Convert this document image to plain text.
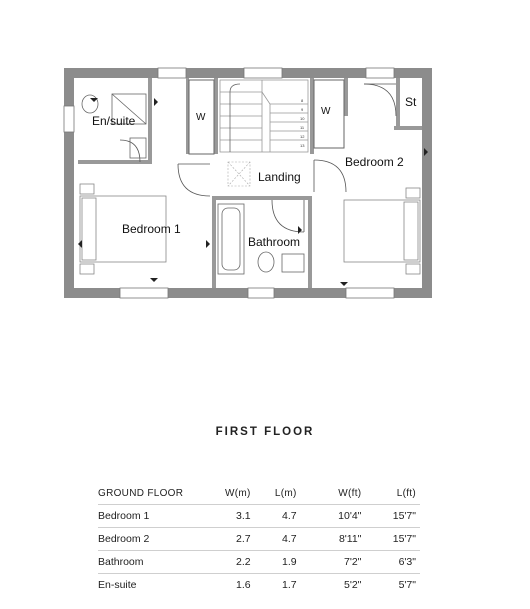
En/suite
Bedroom 1
Bedroom 2
Landing
Bathroom
W
W
St
8
9
10
11
12
13
FIRST FLOOR
GROUND FLOOR	W(m)	L(m)	W(ft)	L(ft)
Bedroom 1	3.1	4.7	10'4"	15'7"
Bedroom 2	2.7	4.7	8'11"	15'7"
Bathroom	2.2	1.9	7'2"	6'3"
En-suite	1.6	1.7	5'2"	5'7"
